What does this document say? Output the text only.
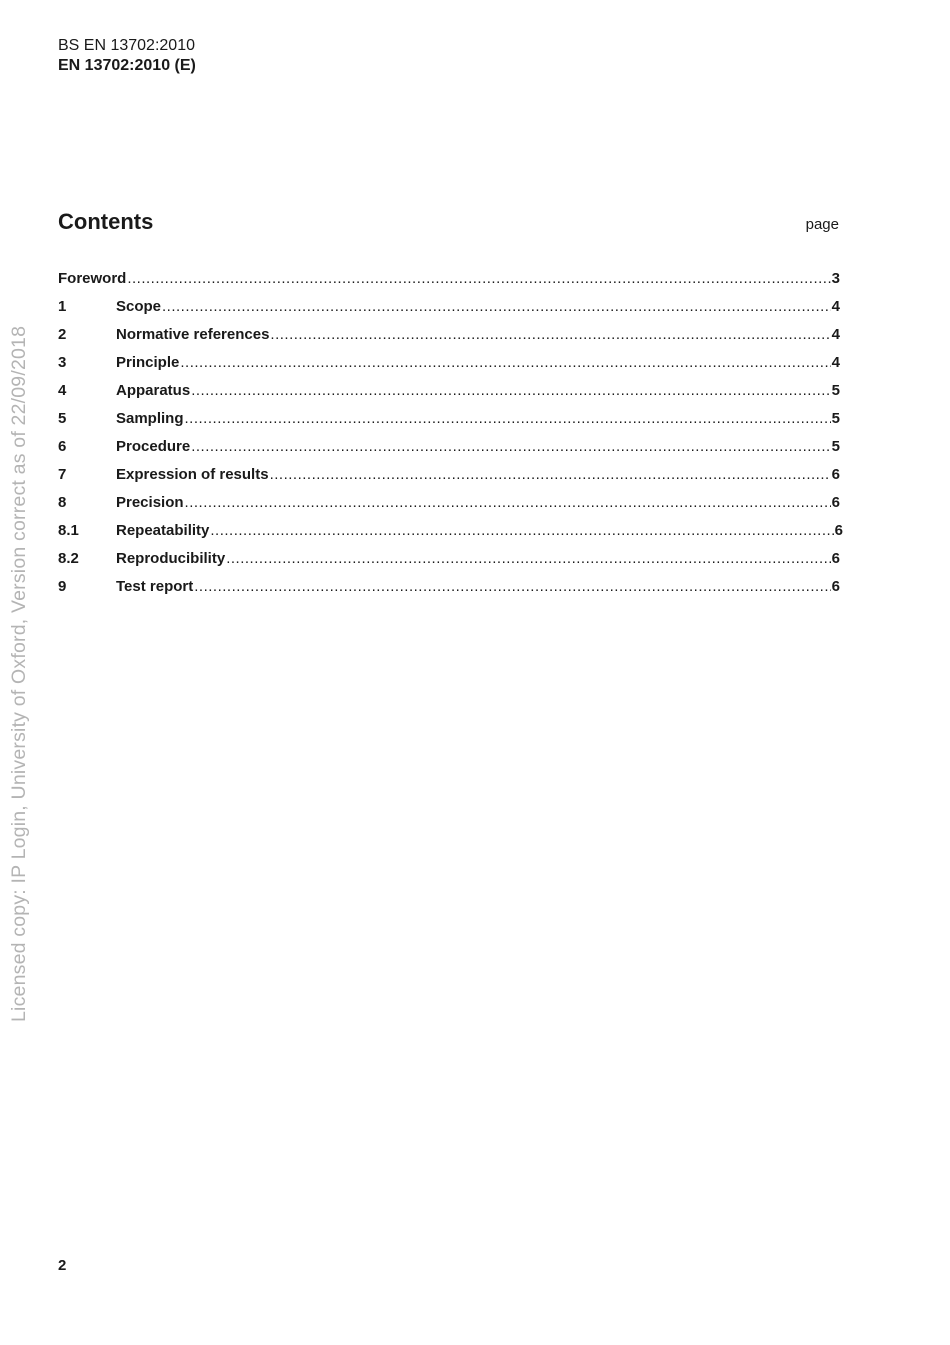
BS EN 13702:2010
EN 13702:2010 (E)
Contents	page
Foreword .....	3
1	Scope .....	4
2	Normative references .....	4
3	Principle .....	4
4	Apparatus .....	5
5	Sampling .....	5
6	Procedure .....	5
7	Expression of results .....	6
8	Precision .....	6
8.1	Repeatability .....	6
8.2	Reproducibility .....	6
9	Test report .....	6
Licensed copy: IP Login, University of Oxford, Version correct as of 22/09/2018
2
